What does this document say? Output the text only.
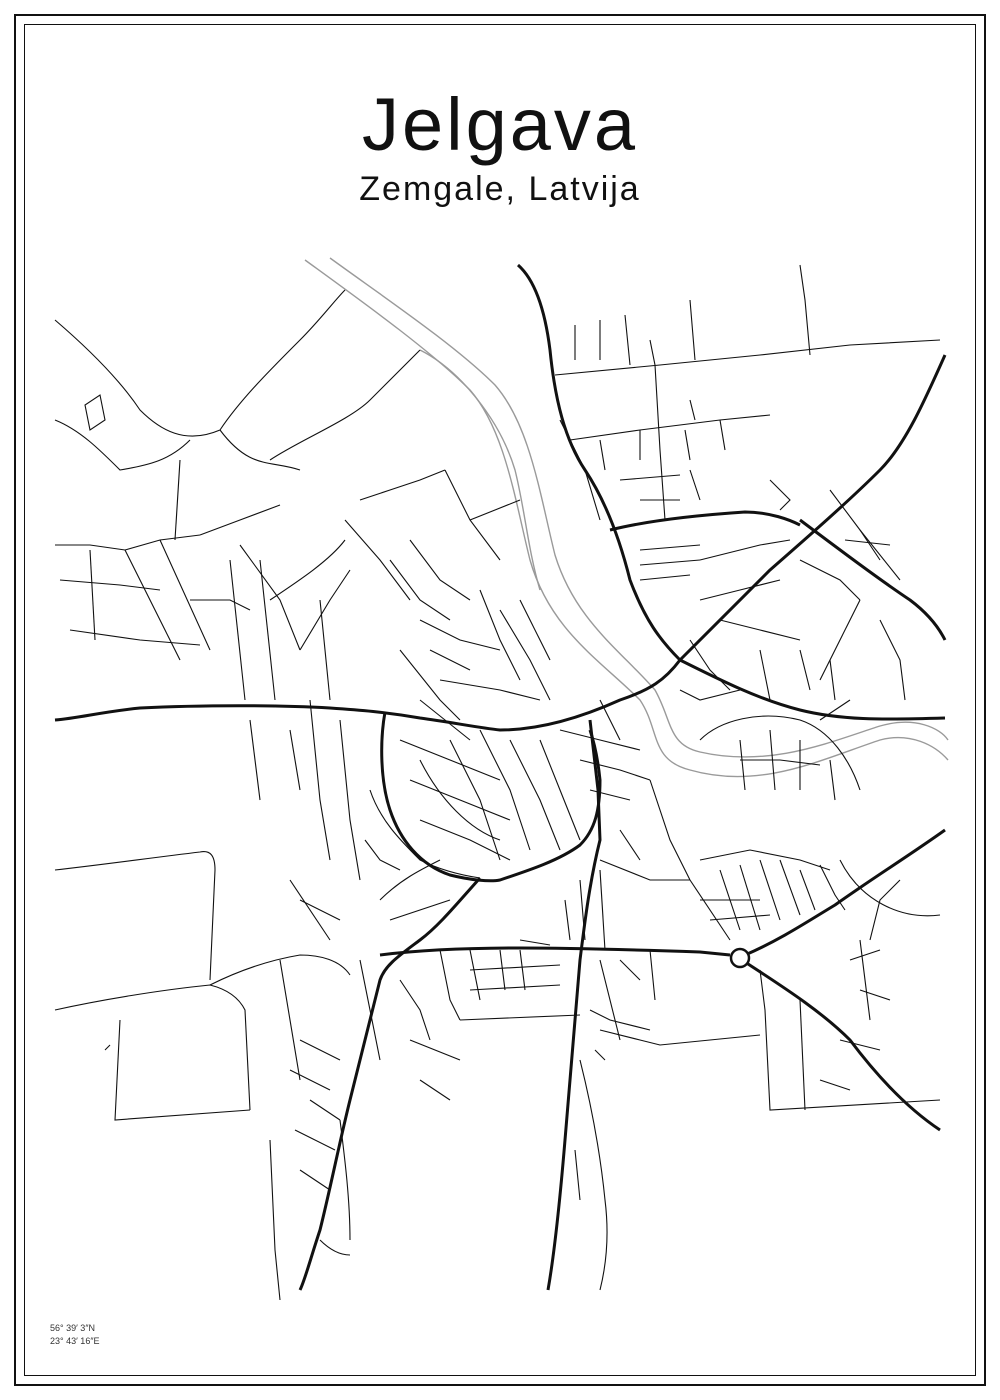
Jelgava
Zemgale, Latvija
56° 39′ 3″N
23° 43′ 16″E
